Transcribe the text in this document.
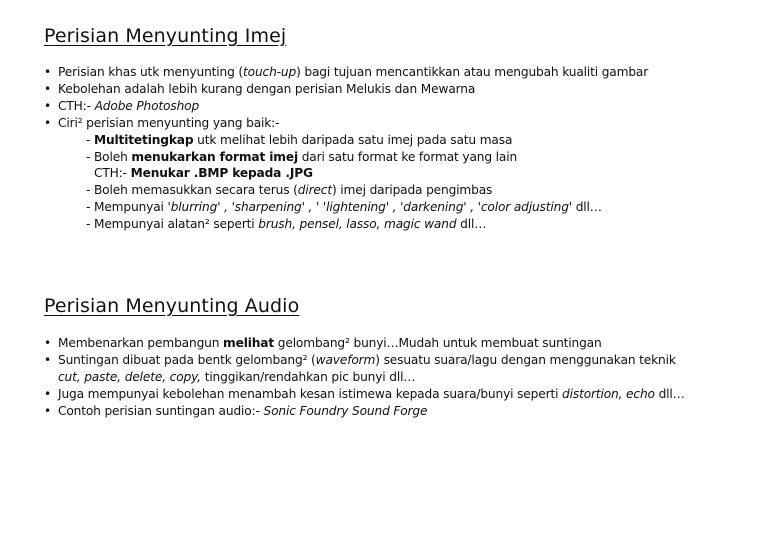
Perisian Menyunting Imej
• Perisian khas utk menyunting (touch-up) bagi tujuan mencantikkan atau mengubah kualiti gambar
• Kebolehan adalah lebih kurang dengan perisian Melukis dan Mewarna
• CTH:- Adobe Photoshop
• Ciri² perisian menyunting yang baik:-
- Multitetingkap utk melihat lebih daripada satu imej pada satu masa
- Boleh menukarkan format imej dari satu format ke format yang lain
CTH:- Menukar .BMP kepada .JPG
- Boleh memasukkan secara terus (direct) imej daripada pengimbas
- Mempunyai 'blurring' , 'sharpening' , ' 'lightening' , 'darkening' , 'color adjusting' dll…
- Mempunyai alatan² seperti brush, pensel, lasso, magic wand dll…
Perisian Menyunting Audio
• Membenarkan pembangun melihat gelombang² bunyi…Mudah untuk membuat suntingan
• Suntingan dibuat pada bentk gelombang² (waveform) sesuatu suara/lagu dengan menggunakan teknik
cut, paste, delete, copy, tinggikan/rendahkan pic bunyi dll…
• Juga mempunyai kebolehan menambah kesan istimewa kepada suara/bunyi seperti distortion, echo dll…
• Contoh perisian suntingan audio:- Sonic Foundry Sound Forge
